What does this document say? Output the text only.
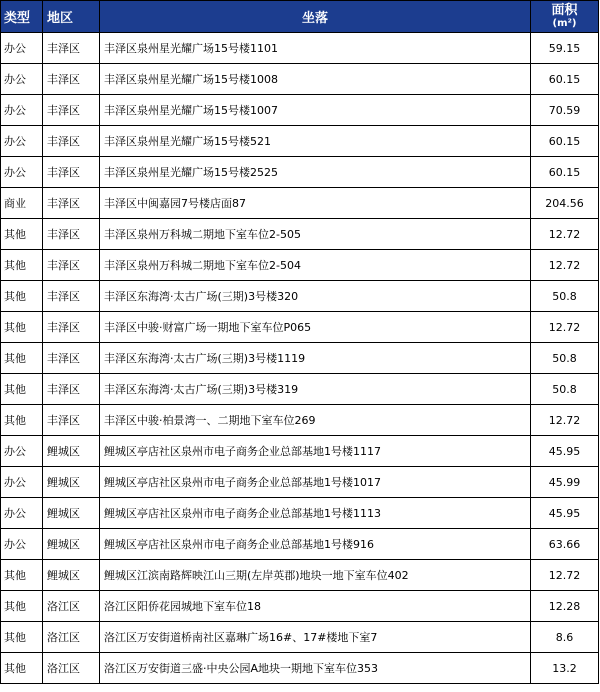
类型	地区	坐落	面积
(m²)

办公	丰泽区	丰泽区泉州星光耀广场15号楼1101	59.15
办公	丰泽区	丰泽区泉州星光耀广场15号楼1008	60.15
办公	丰泽区	丰泽区泉州星光耀广场15号楼1007	70.59
办公	丰泽区	丰泽区泉州星光耀广场15号楼521	60.15
办公	丰泽区	丰泽区泉州星光耀广场15号楼2525	60.15
商业	丰泽区	丰泽区中闽嘉园7号楼店面87	204.56
其他	丰泽区	丰泽区泉州万科城二期地下室车位2-505	12.72
其他	丰泽区	丰泽区泉州万科城二期地下室车位2-504	12.72
其他	丰泽区	丰泽区东海湾·太古广场(三期)3号楼320	50.8
其他	丰泽区	丰泽区中骏·财富广场一期地下室车位P065	12.72
其他	丰泽区	丰泽区东海湾·太古广场(三期)3号楼1119	50.8
其他	丰泽区	丰泽区东海湾·太古广场(三期)3号楼319	50.8
其他	丰泽区	丰泽区中骏·柏景湾一、二期地下室车位269	12.72
办公	鲤城区	鲤城区亭店社区泉州市电子商务企业总部基地1号楼1117	45.95
办公	鲤城区	鲤城区亭店社区泉州市电子商务企业总部基地1号楼1017	45.99
办公	鲤城区	鲤城区亭店社区泉州市电子商务企业总部基地1号楼1113	45.95
办公	鲤城区	鲤城区亭店社区泉州市电子商务企业总部基地1号楼916	63.66
其他	鲤城区	鲤城区江滨南路辉映江山三期(左岸英郡)地块一地下室车位402	12.72
其他	洛江区	洛江区阳侨花园城地下室车位18	12.28
其他	洛江区	洛江区万安街道桥南社区嘉琳广场16#、17#楼地下室7	8.6
其他	洛江区	洛江区万安街道三盛·中央公园A地块一期地下室车位353	13.2
